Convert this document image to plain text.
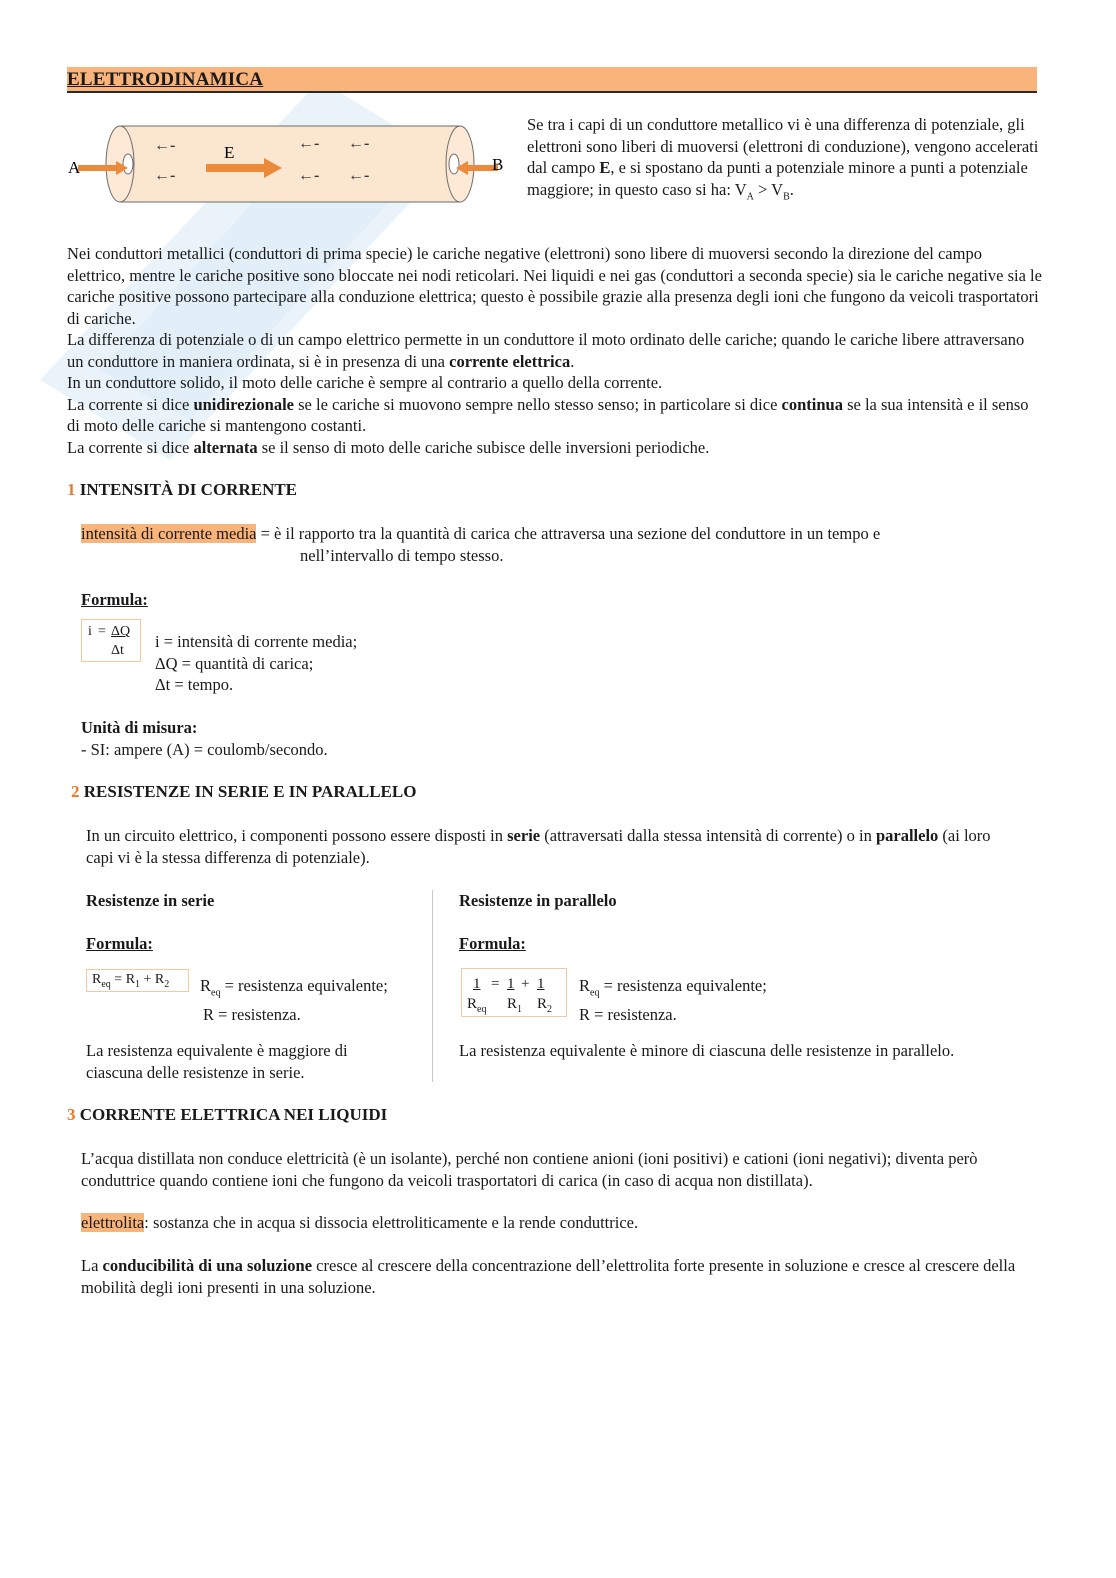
ELETTRODINAMICA
A	B
E
←-
←-
←- ←-
←- ←-

Se tra i capi di un conduttore metallico vi è una differenza di potenziale, gli elettroni sono liberi di muoversi (elettroni di conduzione), vengono accelerati dal campo E, e si spostano da punti a potenziale minore a punti a potenziale maggiore; in questo caso si ha: $V_A > V_B$.

Nei conduttori metallici (conduttori di prima specie) le cariche negative (elettroni) sono libere di muoversi secondo la direzione del campo elettrico, mentre le cariche positive sono bloccate nei nodi reticolari. Nei liquidi e nei gas (conduttori a seconda specie) sia le cariche negative sia le cariche positive possono partecipare alla conduzione elettrica; questo è possibile grazie alla presenza degli ioni che fungono da veicoli trasportatori di cariche.

La differenza di potenziale o di un campo elettrico permette in un conduttore il moto ordinato delle cariche; quando le cariche libere attraversano un conduttore in maniera ordinata, si è in presenza di una corrente elettrica.

In un conduttore solido, il moto delle cariche è sempre al contrario a quello della corrente.

La corrente si dice unidirezionale se le cariche si muovono sempre nello stesso senso; in particolare si dice continua se la sua intensità e il senso di moto delle cariche si mantengono costanti.

La corrente si dice alternata se il senso di moto delle cariche subisce delle inversioni periodiche.

1 INTENSITÀ DI CORRENTE

intensità di corrente media = è il rapporto tra la quantità di carica che attraversa una sezione del conduttore in un tempo e

nell’intervallo di tempo stesso.

Formula:
i = ΔQ
Δt i = intensità di corrente media;
ΔQ = quantità di carica;
Δt = tempo.
Unità di misura:
- SI: ampere (A) = coulomb/secondo.
2 RESISTENZE IN SERIE E IN PARALLELO

In un circuito elettrico, i componenti possono essere disposti in serie (attraversati dalla stessa intensità di corrente) o in parallelo (ai loro capi vi è la stessa differenza di potenziale).

Resistenze in serie
Formula:
$R_{eq} = R_1 + R_2$ $R_{eq}$ = resistenza equivalente;
R = resistenza.

La resistenza equivalente è maggiore di ciascuna delle resistenze in serie.

Resistenze in parallelo
Formula:
1
$R_{eq}$
= 1
$R_1$
+ 1
$R_2$
$R_{eq}$ = resistenza equivalente;
R = resistenza.

La resistenza equivalente è minore di ciascuna delle resistenze in parallelo.

3 CORRENTE ELETTRICA NEI LIQUIDI

L’acqua distillata non conduce elettricità (è un isolante), perché non contiene anioni (ioni positivi) e cationi (ioni negativi); diventa però conduttrice quando contiene ioni che fungono da veicoli trasportatori di carica (in caso di acqua non distillata).

elettrolita: sostanza che in acqua si dissocia elettroliticamente e la rende conduttrice.

La conducibilità di una soluzione cresce al crescere della concentrazione dell’elettrolita forte presente in soluzione e cresce al crescere della mobilità degli ioni presenti in una soluzione.
